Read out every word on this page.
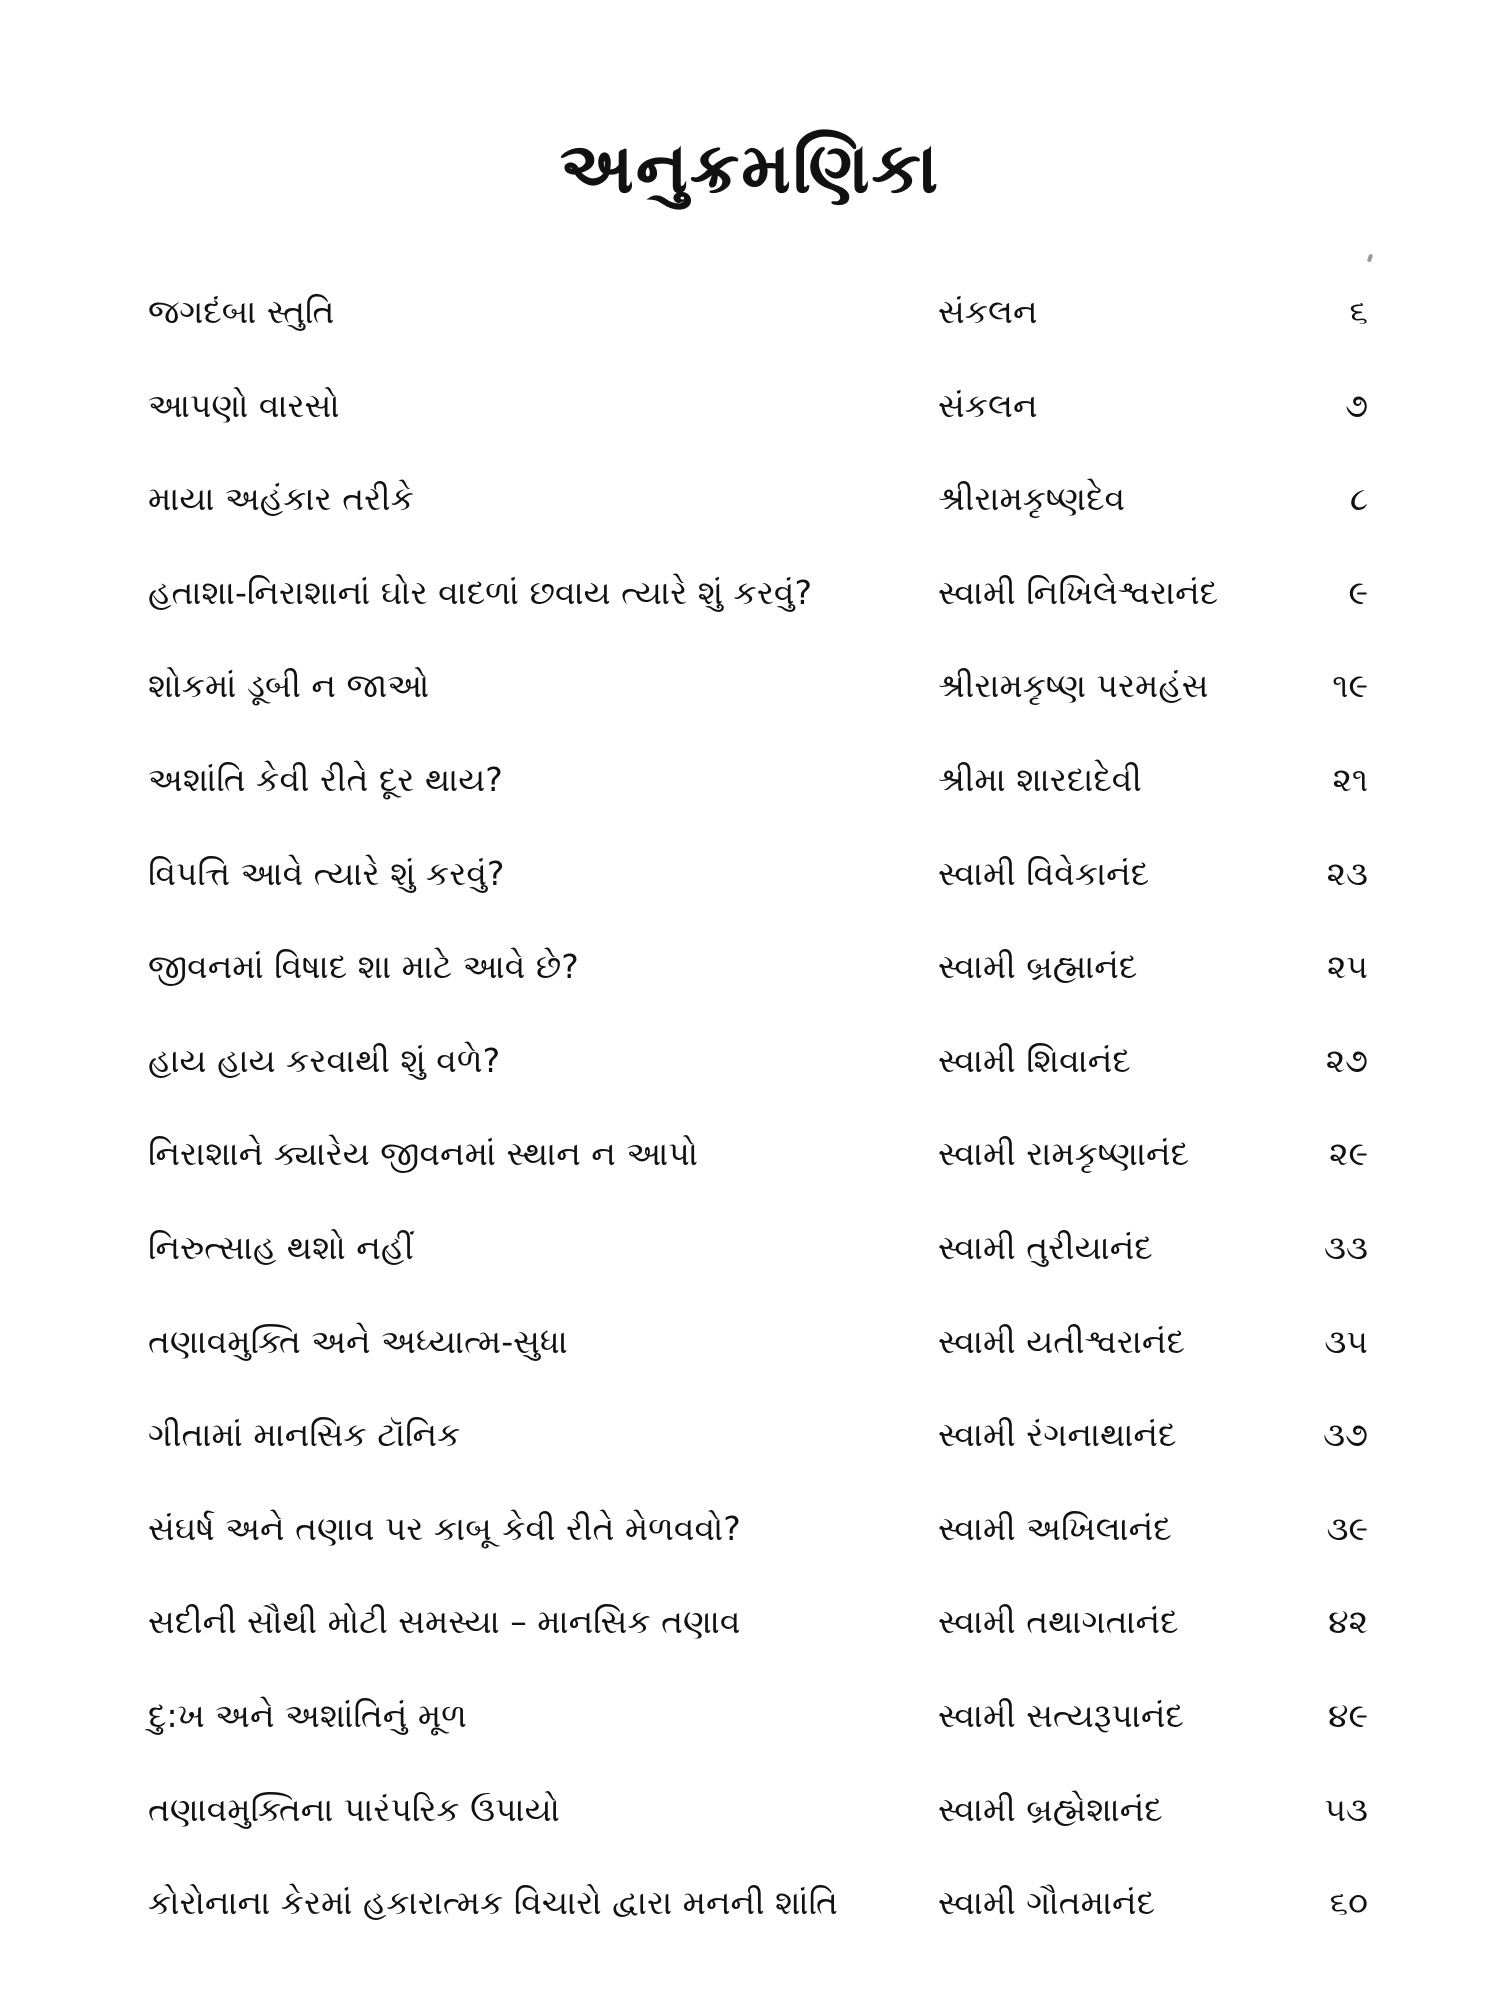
અનુક્રમણિકા
જગદંબા સ્તુતિ	સંકલન	૬
આપણો વારસો	સંકલન	૭
માયા અહંકાર તરીકે	શ્રીરામકૃષ્ણદેવ	૮
હતાશા-નિરાશાનાં ઘોર વાદળાં છવાય ત્યારે શું કરવું?	સ્વામી નિખિલેશ્વરાનંદ	૯
શોકમાં ડૂબી ન જાઓ	શ્રીરામકૃષ્ણ પરમહંસ	૧૯
અશાંતિ કેવી રીતે દૂર થાય?	શ્રીમા શારદાદેવી	૨૧
વિપત્તિ આવે ત્યારે શું કરવું?	સ્વામી વિવેકાનંદ	૨૩
જીવનમાં વિષાદ શા માટે આવે છે?	સ્વામી બ્રહ્માનંદ	૨૫
હાય હાય કરવાથી શું વળે?	સ્વામી શિવાનંદ	૨૭
નિરાશાને ક્યારેય જીવનમાં સ્થાન ન આપો	સ્વામી રામકૃષ્ણાનંદ	૨૯
નિરુત્સાહ થશો નહીં	સ્વામી તુરીયાનંદ	૩૩
તણાવમુક્તિ અને અધ્યાત્મ-સુધા	સ્વામી યતીશ્વરાનંદ	૩૫
ગીતામાં માનસિક ટૉનિક	સ્વામી રંગનાથાનંદ	૩૭
સંઘર્ષ અને તણાવ પર કાબૂ કેવી રીતે મેળવવો?	સ્વામી અખિલાનંદ	૩૯
સદીની સૌથી મોટી સમસ્યા – માનસિક તણાવ	સ્વામી તથાગતાનંદ	૪૨
દુ:ખ અને અશાંતિનું મૂળ	સ્વામી સત્યરૂપાનંદ	૪૯
તણાવમુક્તિના પારંપરિક ઉપાયો	સ્વામી બ્રહ્મેશાનંદ	૫૩
કોરોનાના કેરમાં હકારાત્મક વિચારો દ્વારા મનની શાંતિ	સ્વામી ગૌતમાનંદ	૬૦
